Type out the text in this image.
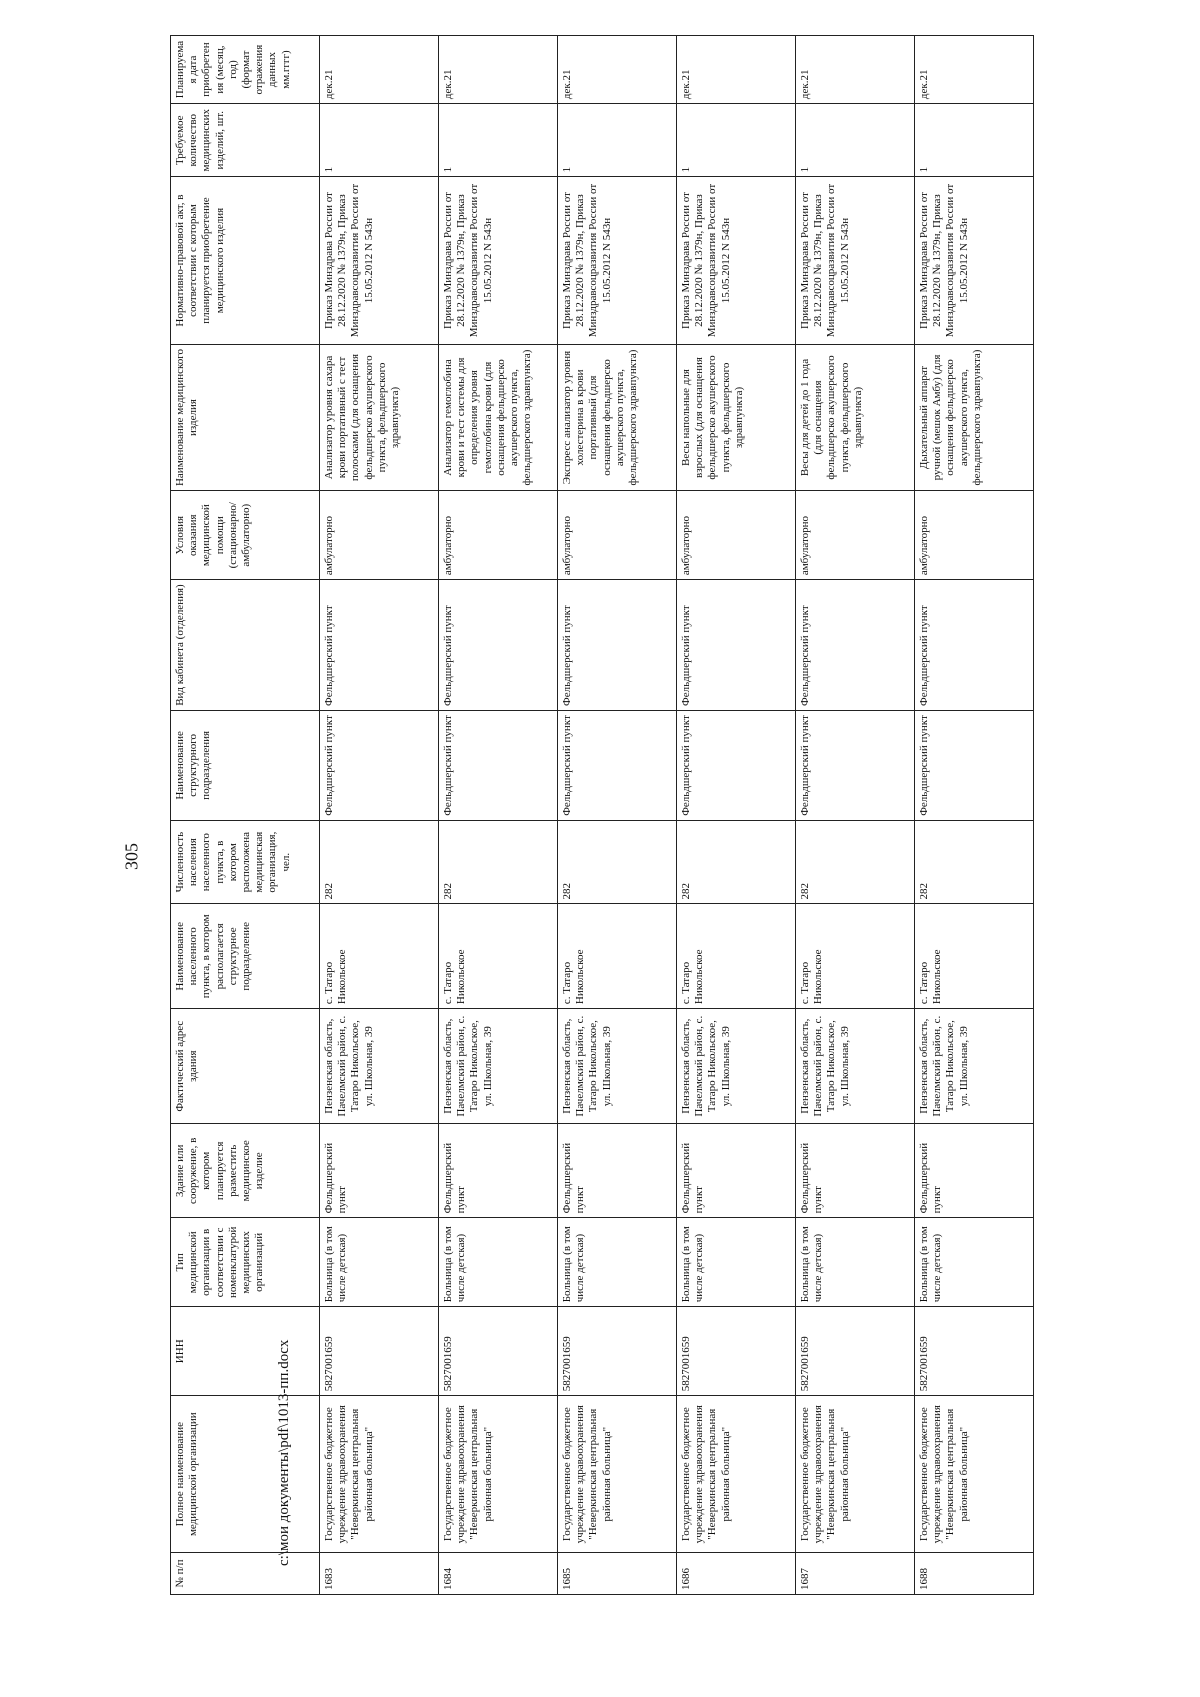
305
№ п/п	Полное наименование медицинской организации	ИНН	Тип медицинской организации в соответствии с номенклатурой медицинских организаций	Здание или сооружение, в котором планируется разместить медицинское изделие	Фактический адрес здания	Наименование населенного пункта, в котором располагается структурное подразделение	Численность населения населенного пункта, в котором расположена медицинская организация, чел.	Наименование структурного подразделения	Вид кабинета (отделения)	Условия оказания медицинской помощи (стационарно/амбулаторно)	Наименование медицинского изделия	Нормативно-правовой акт, в соответствии с которым планируется приобретение медицинского изделия	Требуемое количество медицинских изделий, шт.	Планируемая дата приобретения (месяц, год) (формат отражения данных мм.гггг)
1683	Государственное бюджетное учреждение здравоохранения "Неверкинская центральная районная больница"	5827001659	Больница (в том числе детская)	Фельдшерский пункт	Пензенская область, Пачелмский район, с. Татаро Никольское, ул. Школьная, 39	с. Татаро Никольское	282	Фельдшерский пункт	Фельдшерский пункт	амбулаторно	Анализатор уровня сахара крови портативный с тест полосками (для оснащения фельдшерско акушерского пункта, фельдшерского здравпункта)	Приказ Минздрава России от 28.12.2020 № 1379н, Приказ Минздравсоцразвития России от 15.05.2012 N 543н	1	дек.21
1684	Государственное бюджетное учреждение здравоохранения "Неверкинская центральная районная больница"	5827001659	Больница (в том числе детская)	Фельдшерский пункт	Пензенская область, Пачелмский район, с. Татаро Никольское, ул. Школьная, 39	с. Татаро Никольское	282	Фельдшерский пункт	Фельдшерский пункт	амбулаторно	Анализатор гемоглобина крови и тест системы для определения уровня гемоглобина крови (для оснащения фельдшерско акушерского пункта, фельдшерского здравпункта)	Приказ Минздрава России от 28.12.2020 № 1379н, Приказ Минздравсоцразвития России от 15.05.2012 N 543н	1	дек.21
1685	Государственное бюджетное учреждение здравоохранения "Неверкинская центральная районная больница"	5827001659	Больница (в том числе детская)	Фельдшерский пункт	Пензенская область, Пачелмский район, с. Татаро Никольское, ул. Школьная, 39	с. Татаро Никольское	282	Фельдшерский пункт	Фельдшерский пункт	амбулаторно	Экспресс анализатор уровня холестерина в крови портативный (для оснащения фельдшерско акушерского пункта, фельдшерского здравпункта)	Приказ Минздрава России от 28.12.2020 № 1379н, Приказ Минздравсоцразвития России от 15.05.2012 N 543н	1	дек.21
1686	Государственное бюджетное учреждение здравоохранения "Неверкинская центральная районная больница"	5827001659	Больница (в том числе детская)	Фельдшерский пункт	Пензенская область, Пачелмский район, с. Татаро Никольское, ул. Школьная, 39	с. Татаро Никольское	282	Фельдшерский пункт	Фельдшерский пункт	амбулаторно	Весы напольные для взрослых (для оснащения фельдшерско акушерского пункта, фельдшерского здравпункта)	Приказ Минздрава России от 28.12.2020 № 1379н, Приказ Минздравсоцразвития России от 15.05.2012 N 543н	1	дек.21
1687	Государственное бюджетное учреждение здравоохранения "Неверкинская центральная районная больница"	5827001659	Больница (в том числе детская)	Фельдшерский пункт	Пензенская область, Пачелмский район, с. Татаро Никольское, ул. Школьная, 39	с. Татаро Никольское	282	Фельдшерский пункт	Фельдшерский пункт	амбулаторно	Весы для детей до 1 года (для оснащения фельдшерско акушерского пункта, фельдшерского здравпункта)	Приказ Минздрава России от 28.12.2020 № 1379н, Приказ Минздравсоцразвития России от 15.05.2012 N 543н	1	дек.21
1688	Государственное бюджетное учреждение здравоохранения "Неверкинская центральная районная больница"	5827001659	Больница (в том числе детская)	Фельдшерский пункт	Пензенская область, Пачелмский район, с. Татаро Никольское, ул. Школьная, 39	с. Татаро Никольское	282	Фельдшерский пункт	Фельдшерский пункт	амбулаторно	Дыхательный аппарат ручной (мешок Амбу) (для оснащения фельдшерско акушерского пункта, фельдшерского здравпункта)	Приказ Минздрава России от 28.12.2020 № 1379н, Приказ Минздравсоцразвития России от 15.05.2012 N 543н	1	дек.21
c:\мои документы\pdf\1013-пп.docx
